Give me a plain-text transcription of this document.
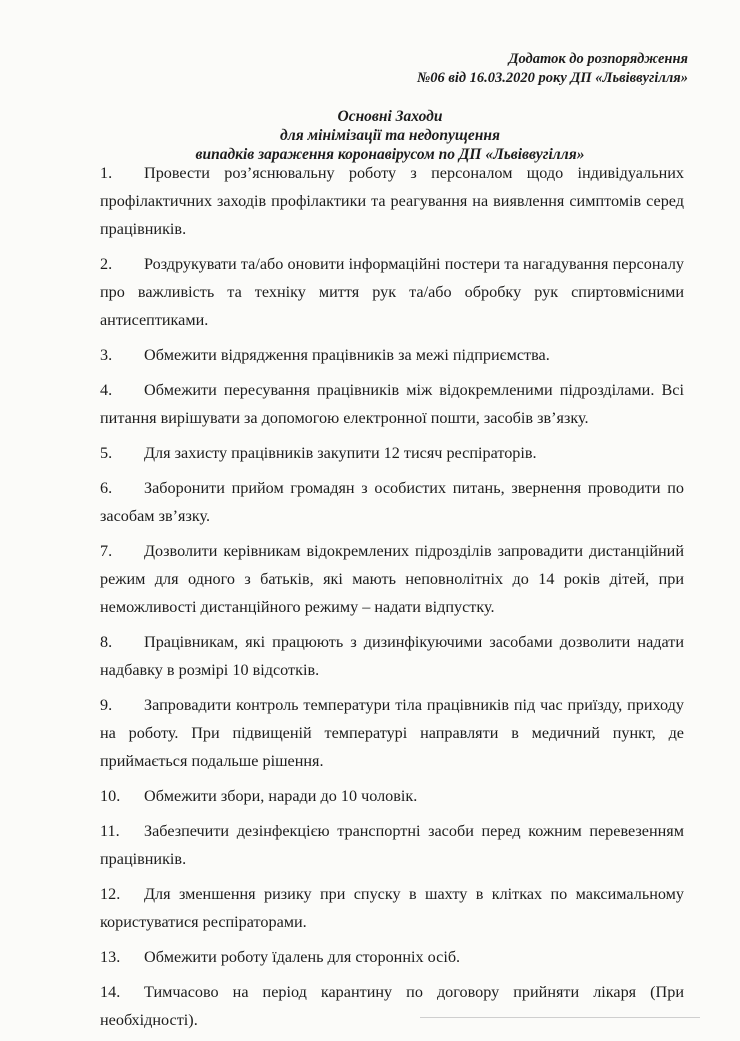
Додаток до розпорядження
№06 від 16.03.2020 року ДП «Львіввугілля»
Основні Заходи
для мінімізації та недопущення
випадків зараження коронавірусом по ДП «Львіввугілля»

1. Провести роз’яснювальну роботу з персоналом щодо індивідуальних профілактичних заходів профілактики та реагування на виявлення симптомів серед працівників.

2. Роздрукувати та/або оновити інформаційні постери та нагадування персоналу про важливість та техніку миття рук та/або обробку рук спиртовмісними антисептиками.

3. Обмежити відрядження працівників за межі підприємства.

4. Обмежити пересування працівників між відокремленими підрозділами. Всі питання вирішувати за допомогою електронної пошти, засобів зв’язку.

5. Для захисту працівників закупити 12 тисяч респіраторів.

6. Заборонити прийом громадян з особистих питань, звернення проводити по засобам зв’язку.

7. Дозволити керівникам відокремлених підрозділів запровадити дистанційний режим для одного з батьків, які мають неповнолітніх до 14 років дітей, при неможливості дистанційного режиму – надати відпустку.

8. Працівникам, які працюють з дизинфікуючими засобами дозволити надати надбавку в розмірі 10 відсотків.

9. Запровадити контроль температури тіла працівників під час приїзду, приходу на роботу. При підвищеній температурі направляти в медичний пункт, де приймається подальше рішення.

10. Обмежити збори, наради до 10 чоловік.

11. Забезпечити дезінфекцією транспортні засоби перед кожним перевезенням працівників.

12. Для зменшення ризику при спуску в шахту в клітках по максимальному користуватися респіраторами.

13. Обмежити роботу їдалень для сторонніх осіб.

14. Тимчасово на період карантину по договору прийняти лікаря (При необхідності).
